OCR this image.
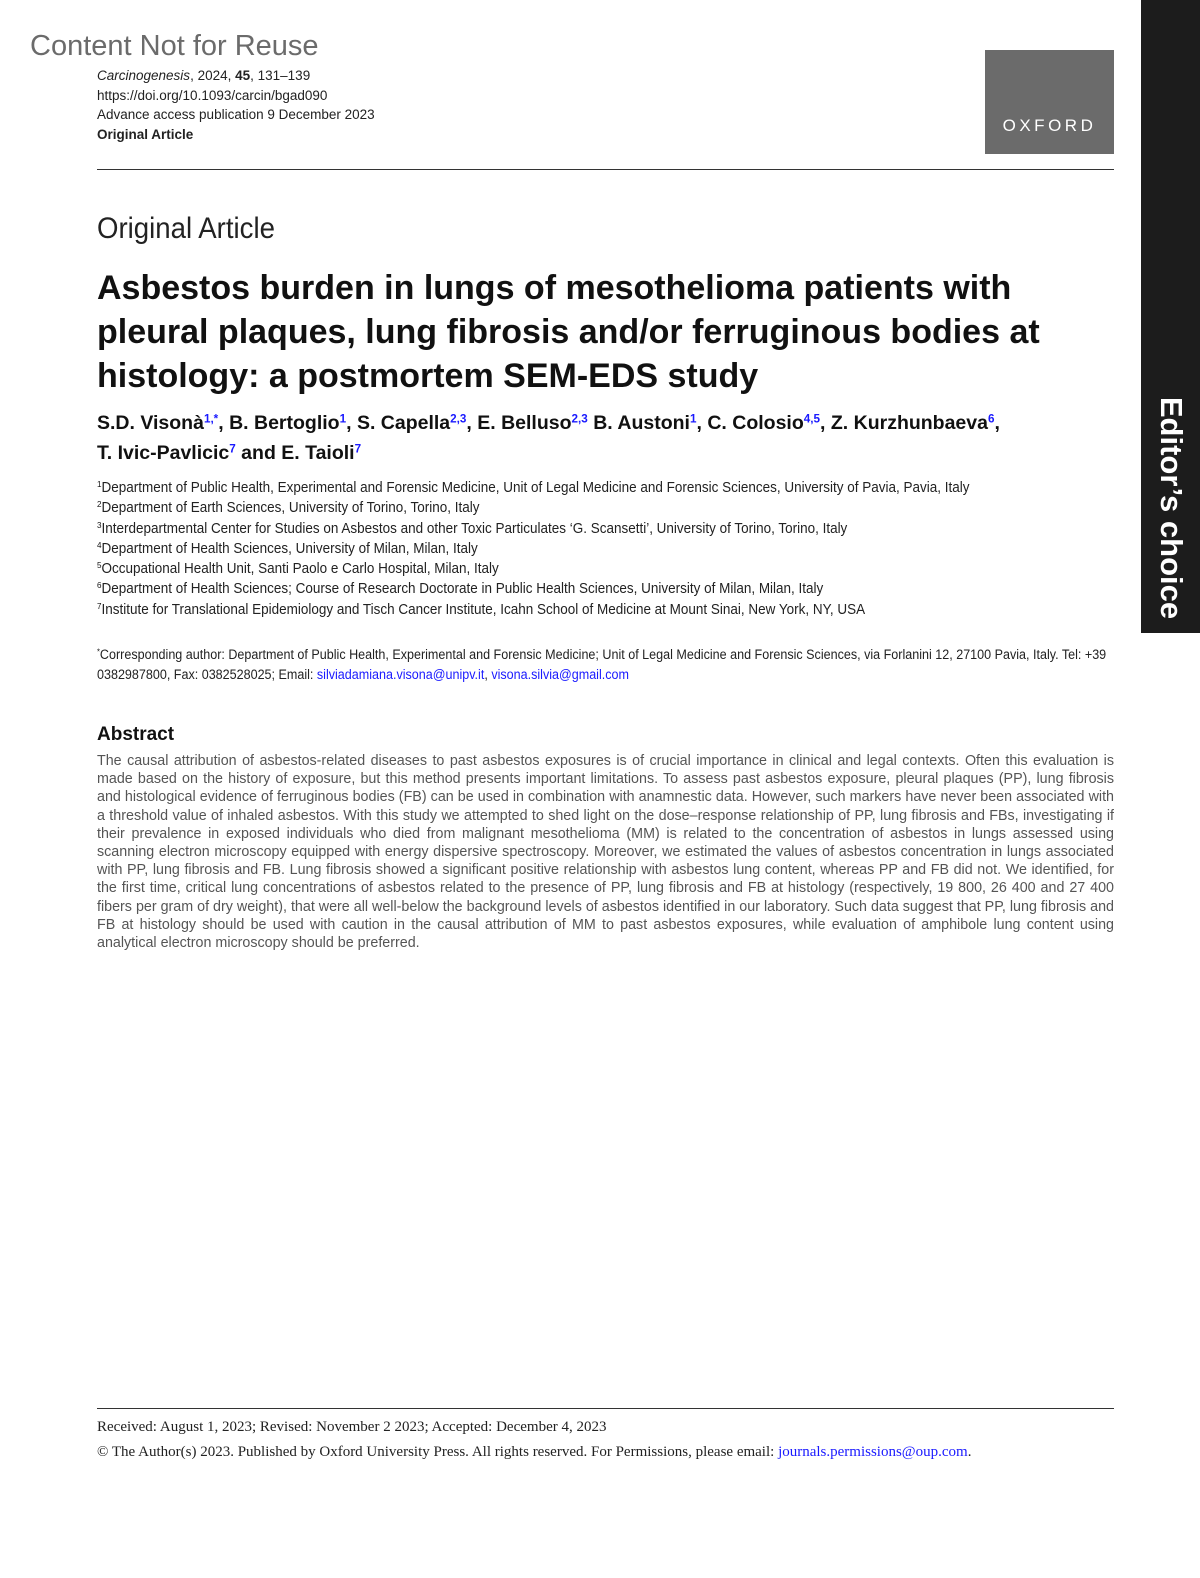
Content Not for Reuse
Carcinogenesis, 2024, 45, 131–139
https://doi.org/10.1093/carcin/bgad090
Advance access publication 9 December 2023
Original Article	OXFORD
Editor’s choice
Original Article
Asbestos burden in lungs of mesothelioma patients with pleural plaques, lung fibrosis and/or ferruginous bodies at histology: a postmortem SEM-EDS study
S.D. Visonà$^{1,*}$, B. Bertoglio$^1$, S. Capella$^{2,3}$, E. Belluso$^{2,3}$ B. Austoni$^1$, C. Colosio$^{4,5}$, Z. Kurzhunbaeva$^6$,
T. Ivic-Pavlicic$^7$ and E. Taioli$^7$
$^1$Department of Public Health, Experimental and Forensic Medicine, Unit of Legal Medicine and Forensic Sciences, University of Pavia, Pavia, Italy
$^2$Department of Earth Sciences, University of Torino, Torino, Italy
$^3$Interdepartmental Center for Studies on Asbestos and other Toxic Particulates ‘G. Scansetti’, University of Torino, Torino, Italy
$^4$Department of Health Sciences, University of Milan, Milan, Italy
$^5$Occupational Health Unit, Santi Paolo e Carlo Hospital, Milan, Italy
$^6$Department of Health Sciences; Course of Research Doctorate in Public Health Sciences, University of Milan, Milan, Italy
$^7$Institute for Translational Epidemiology and Tisch Cancer Institute, Icahn School of Medicine at Mount Sinai, New York, NY, USA
*Corresponding author: Department of Public Health, Experimental and Forensic Medicine; Unit of Legal Medicine and Forensic Sciences, via Forlanini 12, 27100 Pavia, Italy. Tel: +39 0382987800, Fax: 0382528025; Email: silviadamiana.visona@unipv.it, visona.silvia@gmail.com
Abstract
The causal attribution of asbestos-related diseases to past asbestos exposures is of crucial importance in clinical and legal contexts. Often this evaluation is made based on the history of exposure, but this method presents important limitations. To assess past asbestos exposure, pleural plaques (PP), lung fibrosis and histological evidence of ferruginous bodies (FB) can be used in combination with anamnestic data. However, such markers have never been associated with a threshold value of inhaled asbestos. With this study we attempted to shed light on the dose–response relationship of PP, lung fibrosis and FBs, investigating if their prevalence in exposed individuals who died from malignant mesothelioma (MM) is related to the concentration of asbestos in lungs assessed using scanning electron microscopy equipped with energy dispersive spectroscopy. Moreover, we estimated the values of asbestos concentration in lungs associated with PP, lung fibrosis and FB. Lung fibrosis showed a significant positive relationship with asbestos lung content, whereas PP and FB did not. We identified, for the first time, critical lung concentrations of asbestos related to the presence of PP, lung fibrosis and FB at histology (respectively, 19 800, 26 400 and 27 400 fibers per gram of dry weight), that were all well-below the background levels of asbestos identified in our laboratory. Such data suggest that PP, lung fibrosis and FB at histology should be used with caution in the causal attribution of MM to past asbestos exposures, while evaluation of amphibole lung content using analytical electron microscopy should be preferred.
Received: August 1, 2023; Revised: November 2 2023; Accepted: December 4, 2023
© The Author(s) 2023. Published by Oxford University Press. All rights reserved. For Permissions, please email: journals.permissions@oup.com.
